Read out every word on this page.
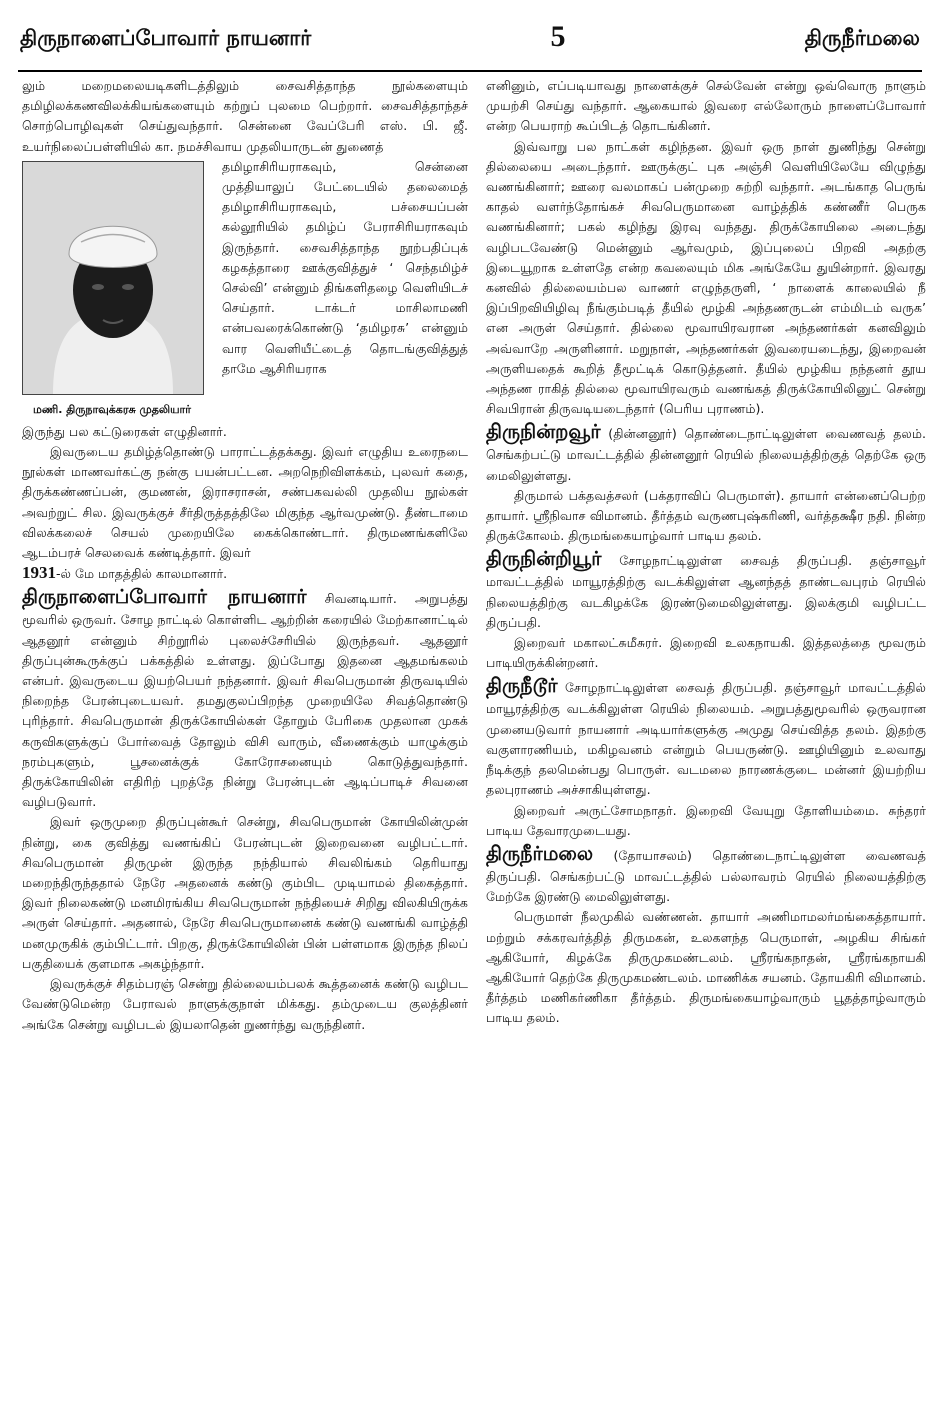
திருநாளைப்போவார் நாயனார்	5	திருநீர்மலை

லும் மறைமலையடிகளிடத்திலும் சைவசித்தாந்த நூல்களையும் தமிழிலக்கணவிலக்கியங்களையும் கற்றுப் புலமை பெற்றார். சைவசித்தாந்தச் சொற்பொழிவுகள் செய்துவந்தார். சென்னை வேப்பேரி எஸ். பி. ஜீ. உயர்நிலைப்பள்ளியில் கா. நமச்சிவாய முதலியாருடன் துணைத்

மணி. திருநாவுக்கரசு முதலியார்

தமிழாசிரியராகவும், சென்னை முத்தியாலுப் பேட்டையில் தலைமைத் தமிழாசிரியராகவும், பச்சையப்பன் கல்லூரியில் தமிழ்ப் பேராசிரியராகவும் இருந்தார். சைவசித்தாந்த நூற்பதிப்புக் கழகத்தாரை ஊக்குவித்துச் ‘ செந்தமிழ்ச் செல்வி’ என்னும் திங்களிதழை வெளியிடச் செய்தார். டாக்டர் மாசிலாமணி என்பவரைக்கொண்டு ‘தமிழரசு’ என்னும் வார வெளியீட்டைத் தொடங்குவித்துத் தாமே ஆசிரியராக

இருந்து பல கட்டுரைகள் எழுதினார்.

இவருடைய தமிழ்த்தொண்டு பாராட்டத்தக்கது. இவர் எழுதிய உரைநடை நூல்கள் மாணவர்கட்கு நன்கு பயன்பட்டன. அறநெறிவிளக்கம், புலவர் கதை, திருக்கண்ணப்பன், குமணன், இராசராசன், சண்பகவல்லி முதலிய நூல்கள் அவற்றுட் சில. இவருக்குச் சீர்திருத்தத்திலே மிகுந்த ஆர்வமுண்டு. தீண்டாமை விலக்கலைச் செயல் முறையிலே கைக்கொண்டார். திருமணங்களிலே ஆடம்பரச் செலவைக் கண்டித்தார். இவர்

1931-ல் மே மாதத்தில் காலமானார்.

திருநாளைப்போவார் நாயனார் சிவனடியார். அறுபத்து மூவரில் ஒருவர். சோழ நாட்டில் கொள்ளிட ஆற்றின் கரையில் மேற்கானாட்டில் ஆதனூர் என்னும் சிற்றூரில் புலைச்சேரியில் இருந்தவர். ஆதனூர் திருப்புன்கூருக்குப் பக்கத்தில் உள்ளது. இப்போது இதனை ஆதமங்கலம் என்பர். இவருடைய இயற்பெயர் நந்தனார். இவர் சிவபெருமான் திருவடியில் நிறைந்த பேரன்புடையவர். தமதுகுலப்பிறந்த முறையிலே சிவத்தொண்டு புரிந்தார். சிவபெருமான் திருக்கோயில்கள் தோறும் பேரிகை முதலான முகக் கருவிகளுக்குப் போர்வைத் தோலும் விசி வாரும், வீணைக்கும் யாழுக்கும் நரம்புகளும், பூசனைக்குக் கோரோசனையும் கொடுத்துவந்தார். திருக்கோயிலின் எதிரிற் புறத்தே நின்று பேரன்புடன் ஆடிப்பாடிச் சிவனை வழிபடுவார்.

இவர் ஒருமுறை திருப்புன்கூர் சென்று, சிவபெருமான் கோயிலின்முன் நின்று, கை குவித்து வணங்கிப் பேரன்புடன் இறைவனை வழிபட்டார். சிவபெருமான் திருமுன் இருந்த நந்தியால் சிவலிங்கம் தெரியாது மறைந்திருந்ததால் நேரே அதனைக் கண்டு கும்பிட முடியாமல் திகைத்தார். இவர் நிலைகண்டு மனமிரங்கிய சிவபெருமான் நந்தியைச் சிறிது விலகியிருக்க அருள் செய்தார். அதனால், நேரே சிவபெருமானைக் கண்டு வணங்கி வாழ்த்தி மனமுருகிக் கும்பிட்டார். பிறகு, திருக்கோயிலின் பின் பள்ளமாக இருந்த நிலப் பகுதியைக் குளமாக அகழ்ந்தார்.

இவருக்குச் சிதம்பரஞ் சென்று தில்லையம்பலக் கூத்தனைக் கண்டு வழிபட வேண்டுமென்ற பேராவல் நாளுக்குநாள் மிக்கது. தம்முடைய குலத்தினர் அங்கே சென்று வழிபடல் இயலாதென் றுணர்ந்து வருந்தினர்.

எனினும், எப்படியாவது நாளைக்குச் செல்வேன் என்று ஒவ்வொரு நாளும் முயற்சி செய்து வந்தார். ஆகையால் இவரை எல்லோரும் நாளைப்போவார் என்ற பெயராற் கூப்பிடத் தொடங்கினர்.

இவ்வாறு பல நாட்கள் கழிந்தன. இவர் ஒரு நாள் துணிந்து சென்று தில்லையை அடைந்தார். ஊருக்குட் புக அஞ்சி வெளியிலேயே விழுந்து வணங்கினார்; ஊரை வலமாகப் பன்முறை சுற்றி வந்தார். அடங்காத பெருங் காதல் வளர்ந்தோங்கச் சிவபெருமானை வாழ்த்திக் கண்ணீர் பெருக வணங்கினார்; பகல் கழிந்து இரவு வந்தது. திருக்கோயிலை அடைந்து வழிபடவேண்டு மென்னும் ஆர்வமும், இப்புலைப் பிறவி அதற்கு இடையூறாக உள்ளதே என்ற கவலையும் மிக அங்கேயே துயின்றார். இவரது கனவில் தில்லையம்பல வாணர் எழுந்தருளி, ‘ நாளைக் காலையில் நீ இப்பிறவியிழிவு நீங்கும்படித் தீயில் மூழ்கி அந்தணருடன் எம்மிடம் வருக’ என அருள் செய்தார். தில்லை மூவாயிரவரான அந்தணர்கள் கனவிலும் அவ்வாறே அருளினார். மறுநாள், அந்தணர்கள் இவரையடைந்து, இறைவன் அருளியதைக் கூறித் தீமூட்டிக் கொடுத்தனர். தீயில் மூழ்கிய நந்தனர் தூய அந்தண ராகித் தில்லை மூவாயிரவரும் வணங்கத் திருக்கோயிலினுட் சென்று சிவபிரான் திருவடியடைந்தார் (பெரிய புராணம்).

திருநின்றவூர் (தின்னனூர்) தொண்டைநாட்டிலுள்ள வைணவத் தலம். செங்கற்பட்டு மாவட்டத்தில் தின்னனூர் ரெயில் நிலையத்திற்குத் தெற்கே ஒரு மைலிலுள்ளது.

திருமால் பக்தவத்சலர் (பக்தராவிப் பெருமாள்). தாயார் என்னைப்பெற்ற தாயார். ஸ்ரீநிவாச விமானம். தீர்த்தம் வருணபுஷ்கரிணி, வர்த்தக்ஷீர நதி. நின்ற திருக்கோலம். திருமங்கையாழ்வார் பாடிய தலம்.

திருநின்றியூர் சோழநாட்டிலுள்ள சைவத் திருப்பதி. தஞ்சாவூர் மாவட்டத்தில் மாயூரத்திற்கு வடக்கிலுள்ள ஆனந்தத் தாண்டவபுரம் ரெயில் நிலையத்திற்கு வடகிழக்கே இரண்டுமைலிலுள்ளது. இலக்குமி வழிபட்ட திருப்பதி.

இறைவர் மகாலட்சுமீசுரர். இறைவி உலகநாயகி. இத்தலத்தை மூவரும் பாடியிருக்கின்றனர்.

திருநீடூர் சோழநாட்டிலுள்ள சைவத் திருப்பதி. தஞ்சாவூர் மாவட்டத்தில் மாயூரத்திற்கு வடக்கிலுள்ள ரெயில் நிலையம். அறுபத்துமூவரில் ஒருவரான முனையடுவார் நாயனார் அடியார்களுக்கு அமுது செய்வித்த தலம். இதற்கு வகுளாரணியம், மகிழவனம் என்றும் பெயருண்டு. ஊழியினும் உலவாது நீடிக்குந் தலமென்பது பொருள். வடமலை நாரணக்குடை மன்னர் இயற்றிய தலபுராணம் அச்சாகியுள்ளது.

இறைவர் அருட்சோமநாதர். இறைவி வேயுறு தோளியம்மை. சுந்தரர் பாடிய தேவாரமுடையது.

திருநீர்மலை (தோயாசலம்) தொண்டைநாட்டிலுள்ள வைணவத் திருப்பதி. செங்கற்பட்டு மாவட்டத்தில் பல்லாவரம் ரெயில் நிலையத்திற்கு மேற்கே இரண்டு மைலிலுள்ளது.

பெருமாள் நீலமுகில் வண்ணன். தாயார் அணிமாமலர்மங்கைத்தாயார். மற்றும் சக்கரவர்த்தித் திருமகன், உலகளந்த பெருமாள், அழகிய சிங்கர் ஆகியோர், கிழக்கே திருமுகமண்டலம். ஸ்ரீரங்கநாதன், ஸ்ரீரங்கநாயகி ஆகியோர் தெற்கே திருமுகமண்டலம். மாணிக்க சயனம். தோயகிரி விமானம். தீர்த்தம் மணிகர்ணிகா தீர்த்தம். திருமங்கையாழ்வாரும் பூதத்தாழ்வாரும் பாடிய தலம்.
